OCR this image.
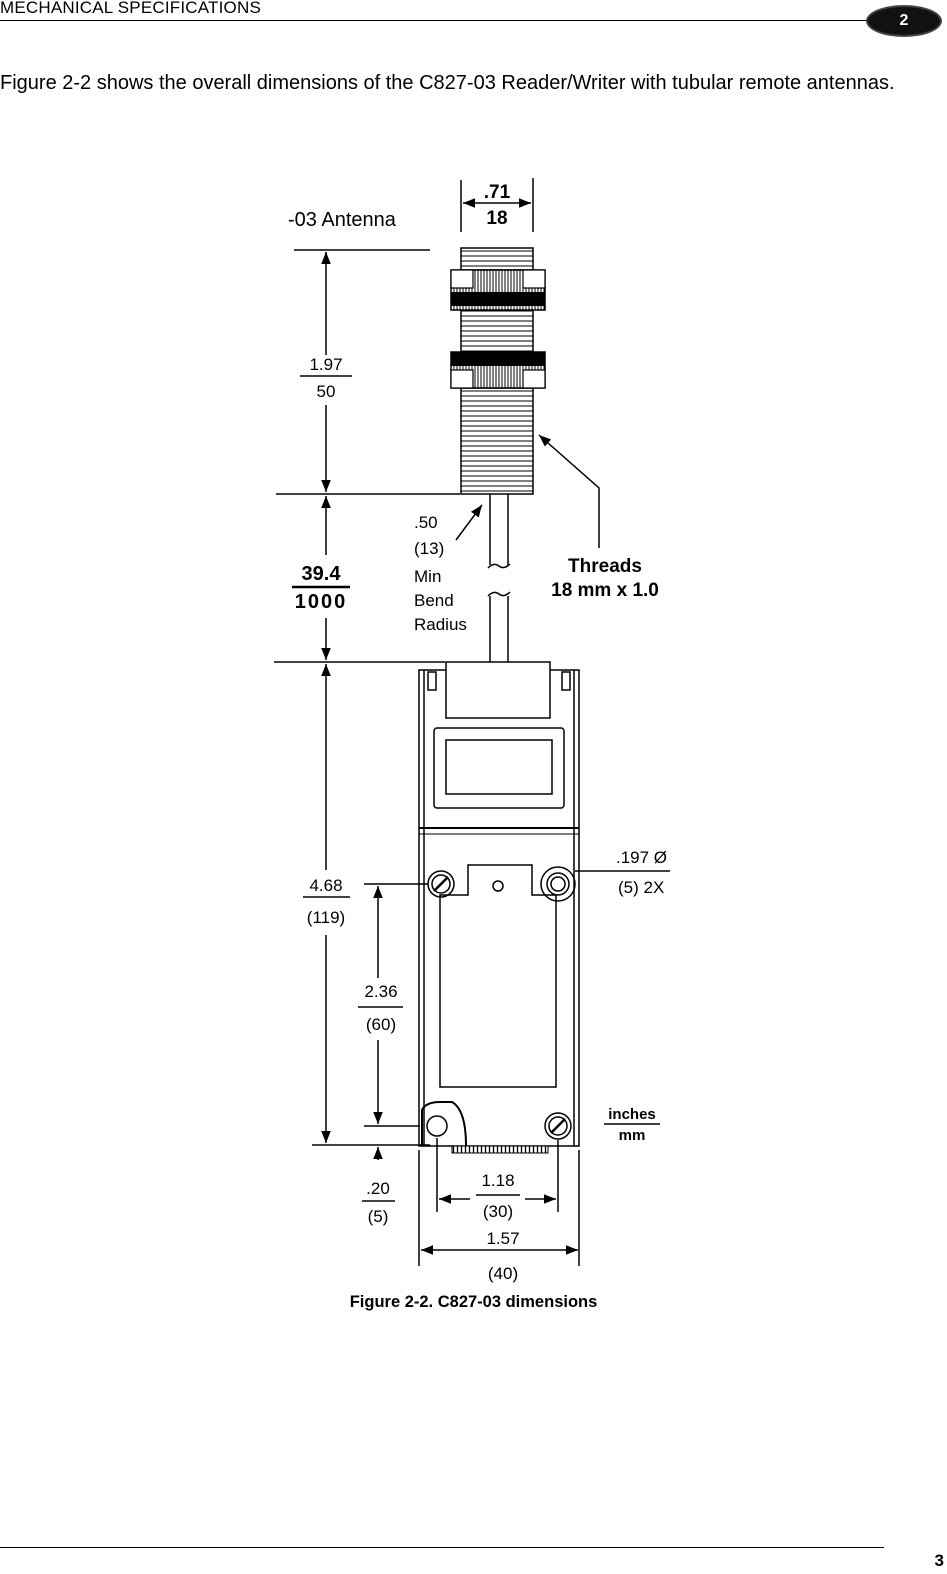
MECHANICAL SPECIFICATIONS
2
Figure 2-2 shows the overall dimensions of the C827-03 Reader/Writer with tubular remote antennas.
-03 Antenna
.71
18
1.97
50
39.4
1000
4.68
(119)
.50
(13)
Min
Bend
Radius
Threads
18 mm x 1.0
.197 Ø
(5) 2X
2.36
(60)
.20
(5)
inches
mm
1.18
(30)
1.57
(40)
Figure 2-2. C827-03 dimensions
3
